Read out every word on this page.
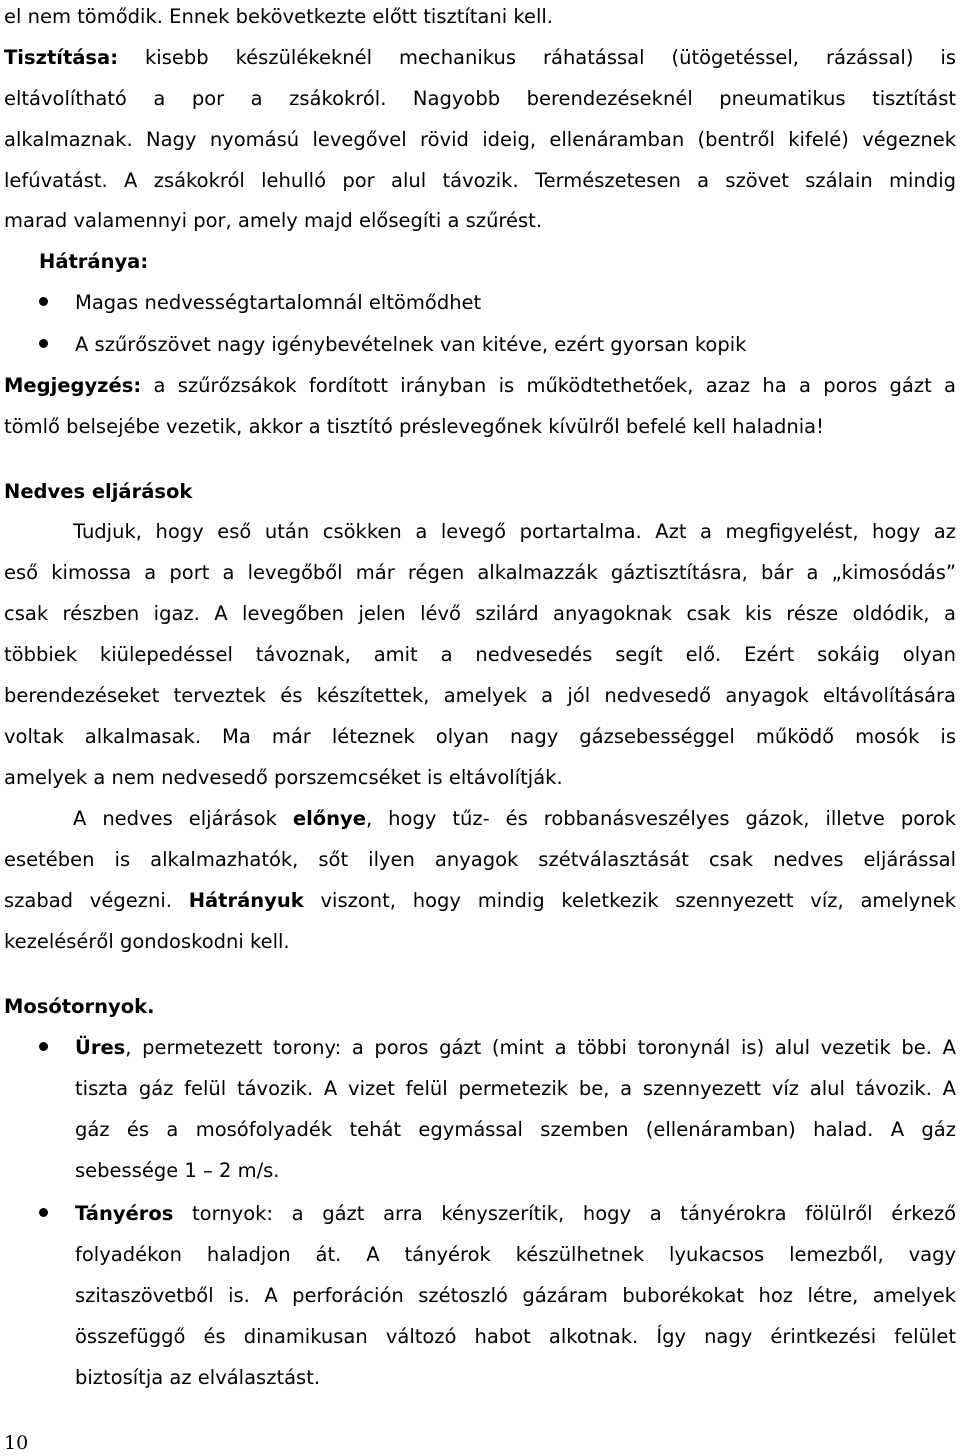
el nem tömődik. Ennek bekövetkezte előtt tisztítani kell.
Tisztítása: kisebb készülékeknél mechanikus ráhatással (ütögetéssel, rázással) is
eltávolítható a por a zsákokról. Nagyobb berendezéseknél pneumatikus tisztítást
alkalmaznak. Nagy nyomású levegővel rövid ideig, ellenáramban (bentről kifelé) végeznek
lefúvatást. A zsákokról lehulló por alul távozik. Természetesen a szövet szálain mindig
marad valamennyi por, amely majd elősegíti a szűrést.
Hátránya:
Magas nedvességtartalomnál eltömődhet
A szűrőszövet nagy igénybevételnek van kitéve, ezért gyorsan kopik
Megjegyzés: a szűrőzsákok fordított irányban is működtethetőek, azaz ha a poros gázt a
tömlő belsejébe vezetik, akkor a tisztító préslevegőnek kívülről befelé kell haladnia!
Nedves eljárások
Tudjuk, hogy eső után csökken a levegő portartalma. Azt a megfigyelést, hogy az
eső kimossa a port a levegőből már régen alkalmazzák gáztisztításra, bár a „kimosódás”
csak részben igaz. A levegőben jelen lévő szilárd anyagoknak csak kis része oldódik, a
többiek kiülepedéssel távoznak, amit a nedvesedés segít elő. Ezért sokáig olyan
berendezéseket terveztek és készítettek, amelyek a jól nedvesedő anyagok eltávolítására
voltak alkalmasak. Ma már léteznek olyan nagy gázsebességgel működő mosók is
amelyek a nem nedvesedő porszemcséket is eltávolítják.
A nedves eljárások előnye, hogy tűz- és robbanásveszélyes gázok, illetve porok
esetében is alkalmazhatók, sőt ilyen anyagok szétválasztását csak nedves eljárással
szabad végezni. Hátrányuk viszont, hogy mindig keletkezik szennyezett víz, amelynek
kezeléséről gondoskodni kell.
Mosótornyok.
Üres, permetezett torony: a poros gázt (mint a többi toronynál is) alul vezetik be. A
tiszta gáz felül távozik. A vizet felül permetezik be, a szennyezett víz alul távozik. A
gáz és a mosófolyadék tehát egymással szemben (ellenáramban) halad. A gáz
sebessége 1 – 2 m/s.
Tányéros tornyok: a gázt arra kényszerítik, hogy a tányérokra fölülről érkező
folyadékon haladjon át. A tányérok készülhetnek lyukacsos lemezből, vagy
szitaszövetből is. A perforáción szétoszló gázáram buborékokat hoz létre, amelyek
összefüggő és dinamikusan változó habot alkotnak. Így nagy érintkezési felület
biztosítja az elválasztást.
10
